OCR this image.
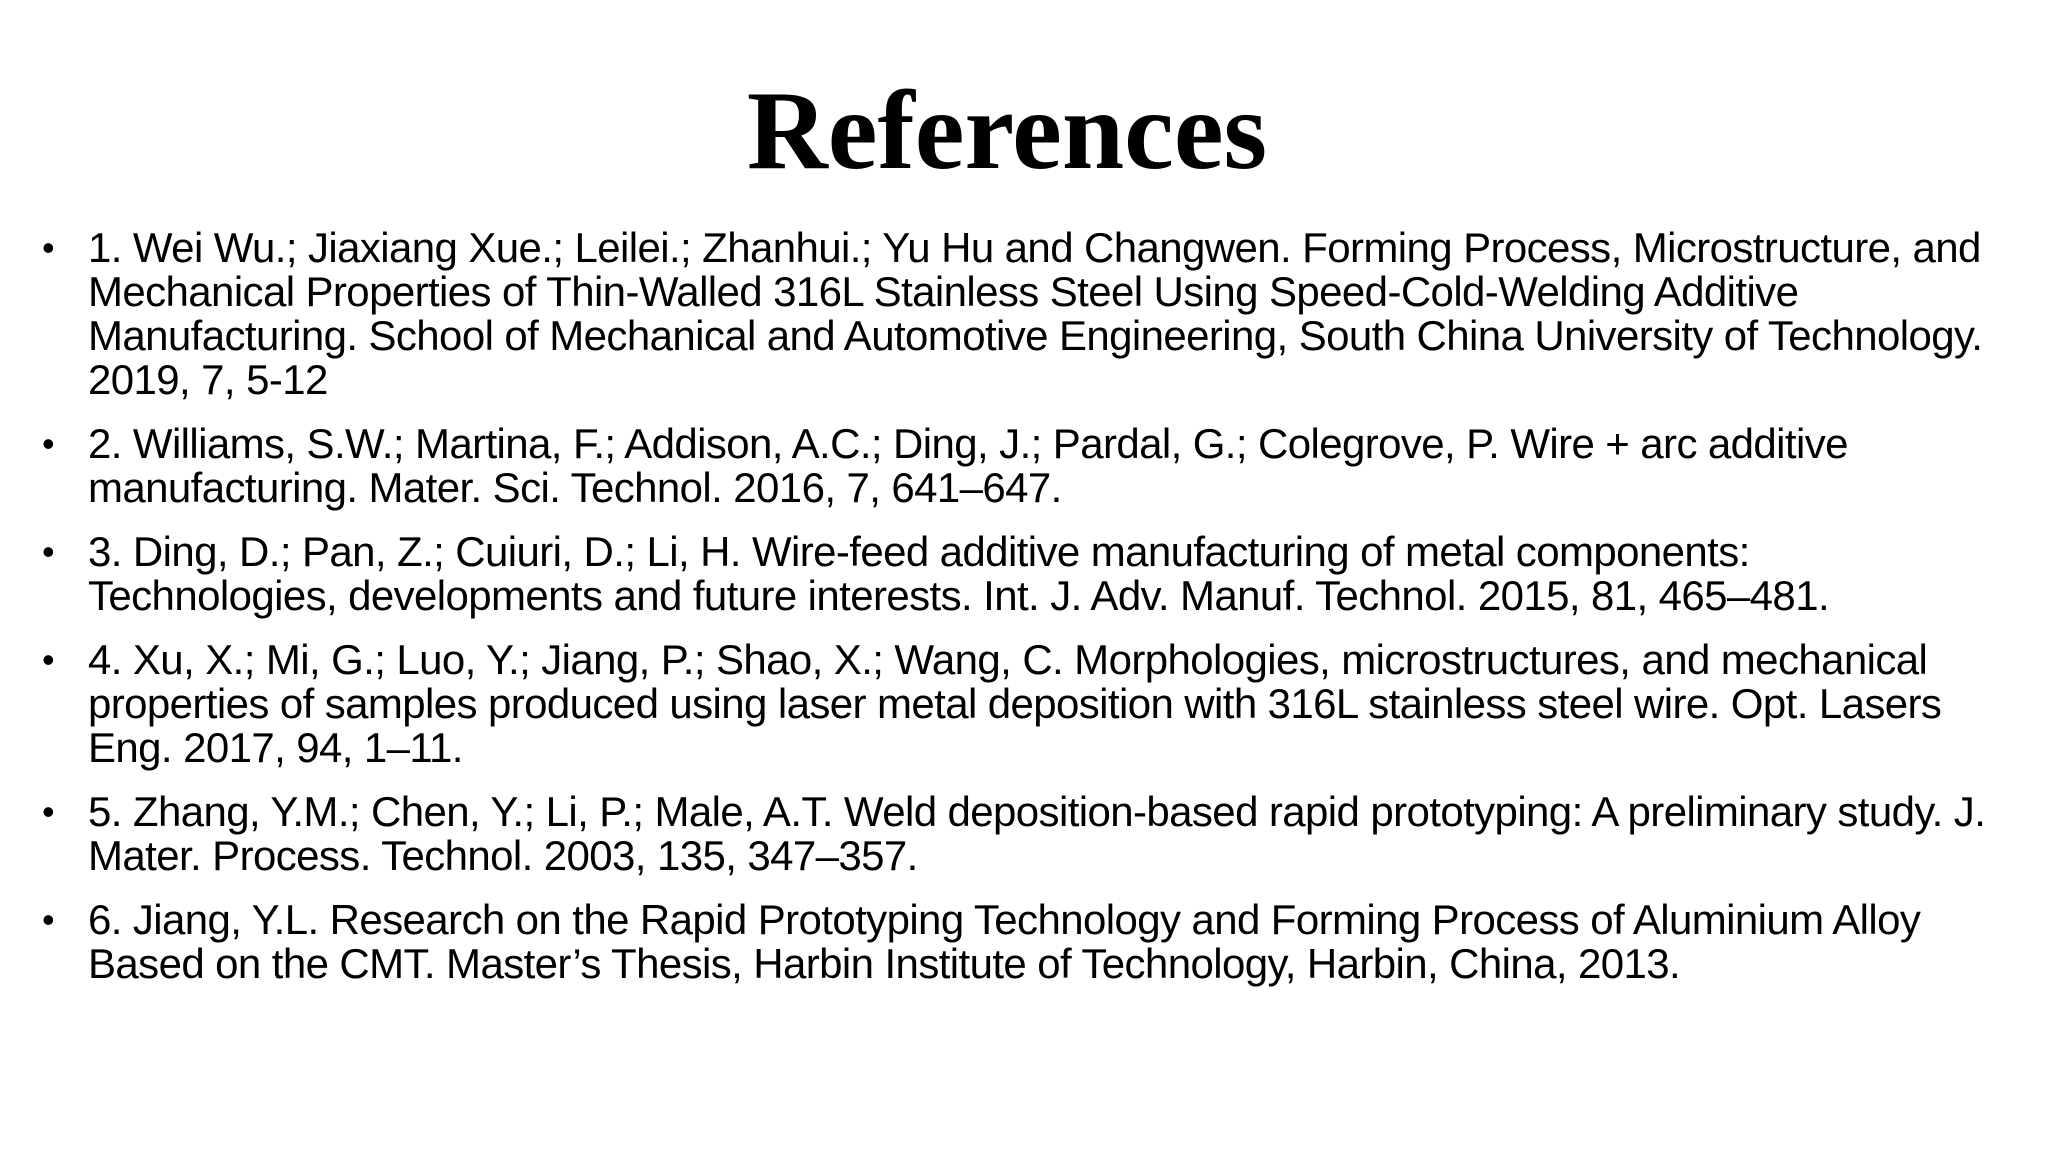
References
• 1. Wei Wu.; Jiaxiang Xue.; Leilei.; Zhanhui.; Yu Hu and Changwen. Forming Process, Microstructure, and Mechanical Properties of Thin-Walled 316L Stainless Steel Using Speed-Cold-Welding Additive Manufacturing. School of Mechanical and Automotive Engineering, South China University of Technology. 2019, 7, 5-12
• 2. Williams, S.W.; Martina, F.; Addison, A.C.; Ding, J.; Pardal, G.; Colegrove, P. Wire + arc additive manufacturing. Mater. Sci. Technol. 2016, 7, 641–647.
• 3. Ding, D.; Pan, Z.; Cuiuri, D.; Li, H. Wire-feed additive manufacturing of metal components: Technologies, developments and future interests. Int. J. Adv. Manuf. Technol. 2015, 81, 465–481.
• 4. Xu, X.; Mi, G.; Luo, Y.; Jiang, P.; Shao, X.; Wang, C. Morphologies, microstructures, and mechanical properties of samples produced using laser metal deposition with 316L stainless steel wire. Opt. Lasers Eng. 2017, 94, 1–11.
• 5. Zhang, Y.M.; Chen, Y.; Li, P.; Male, A.T. Weld deposition-based rapid prototyping: A preliminary study. J. Mater. Process. Technol. 2003, 135, 347–357.
• 6. Jiang, Y.L. Research on the Rapid Prototyping Technology and Forming Process of Aluminium Alloy Based on the CMT. Master’s Thesis, Harbin Institute of Technology, Harbin, China, 2013.
